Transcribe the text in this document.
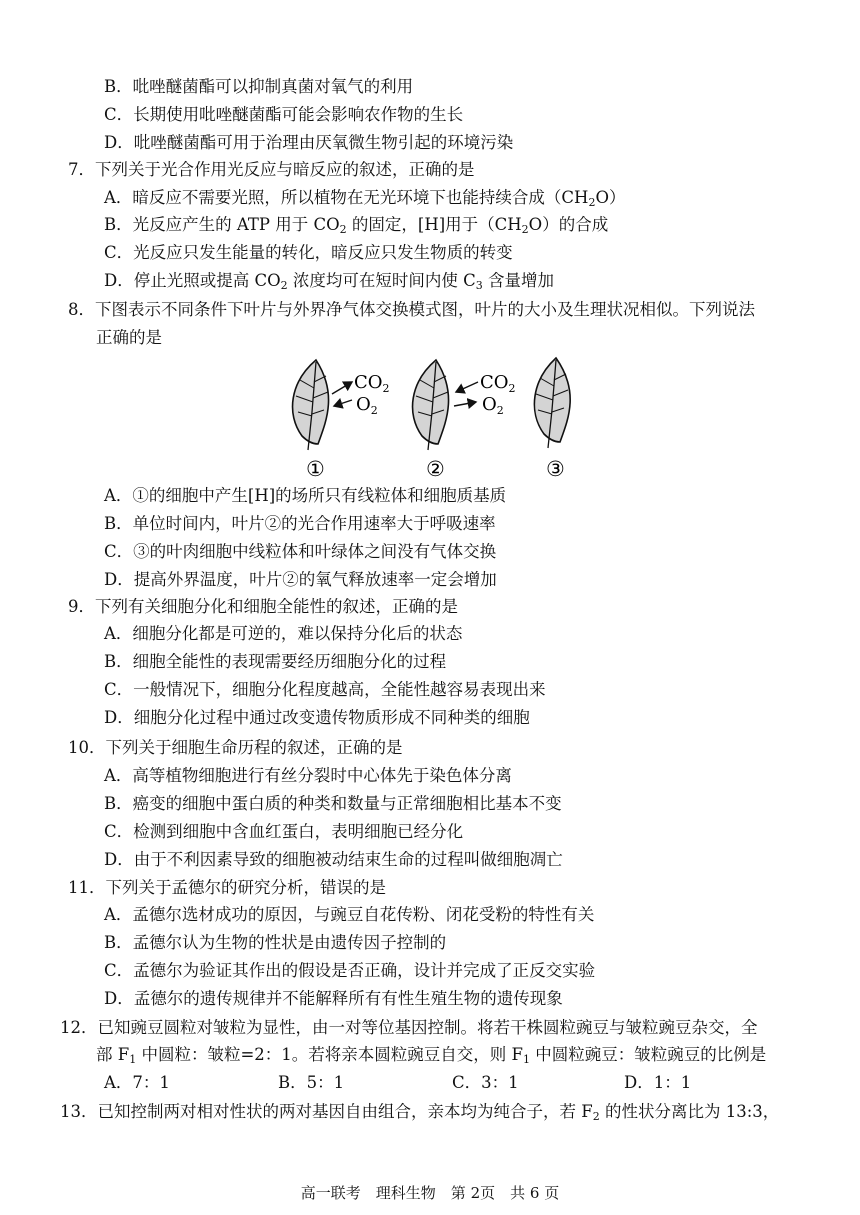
B．吡唑醚菌酯可以抑制真菌对氧气的利用
C．长期使用吡唑醚菌酯可能会影响农作物的生长
D．吡唑醚菌酯可用于治理由厌氧微生物引起的环境污染
7．下列关于光合作用光反应与暗反应的叙述，正确的是
A．暗反应不需要光照，所以植物在无光环境下也能持续合成$(CH_2O)$
B．光反应产生的 ATP 用于 $CO_2$ 的固定，[H]用于$(CH_2O)$的合成
C．光反应只发生能量的转化，暗反应只发生物质的转变
D．停止光照或提高 $CO_2$ 浓度均可在短时间内使 $C_3$ 含量增加
8．下图表示不同条件下叶片与外界净气体交换模式图，叶片的大小及生理状况相似。下列说法
正确的是
$CO_2$
$O_2$
①
$CO_2$
$O_2$
②	③
A．①的细胞中产生[H]的场所只有线粒体和细胞质基质
B．单位时间内，叶片②的光合作用速率大于呼吸速率
C．③的叶肉细胞中线粒体和叶绿体之间没有气体交换
D．提高外界温度，叶片②的氧气释放速率一定会增加
9．下列有关细胞分化和细胞全能性的叙述，正确的是
A．细胞分化都是可逆的，难以保持分化后的状态
B．细胞全能性的表现需要经历细胞分化的过程
C．一般情况下，细胞分化程度越高，全能性越容易表现出来
D．细胞分化过程中通过改变遗传物质形成不同种类的细胞
10．下列关于细胞生命历程的叙述，正确的是
A．高等植物细胞进行有丝分裂时中心体先于染色体分离
B．癌变的细胞中蛋白质的种类和数量与正常细胞相比基本不变
C．检测到细胞中含血红蛋白，表明细胞已经分化
D．由于不利因素导致的细胞被动结束生命的过程叫做细胞凋亡
11．下列关于孟德尔的研究分析，错误的是
A．孟德尔选材成功的原因，与豌豆自花传粉、闭花受粉的特性有关
B．孟德尔认为生物的性状是由遗传因子控制的
C．孟德尔为验证其作出的假设是否正确，设计并完成了正反交实验
D．孟德尔的遗传规律并不能解释所有有性生殖生物的遗传现象
12．已知豌豆圆粒对皱粒为显性，由一对等位基因控制。将若干株圆粒豌豆与皱粒豌豆杂交，全
部 $F_1$ 中圆粒：皱粒=2：1。若将亲本圆粒豌豆自交，则 $F_1$ 中圆粒豌豆：皱粒豌豆的比例是
A．7：1	B．5：1	C．3：1	D．1：1
13．已知控制两对相对性状的两对基因自由组合，亲本均为纯合子，若 $F_2$ 的性状分离比为 13:3，
高一联考　理科生物　第 2页　共 6 页
